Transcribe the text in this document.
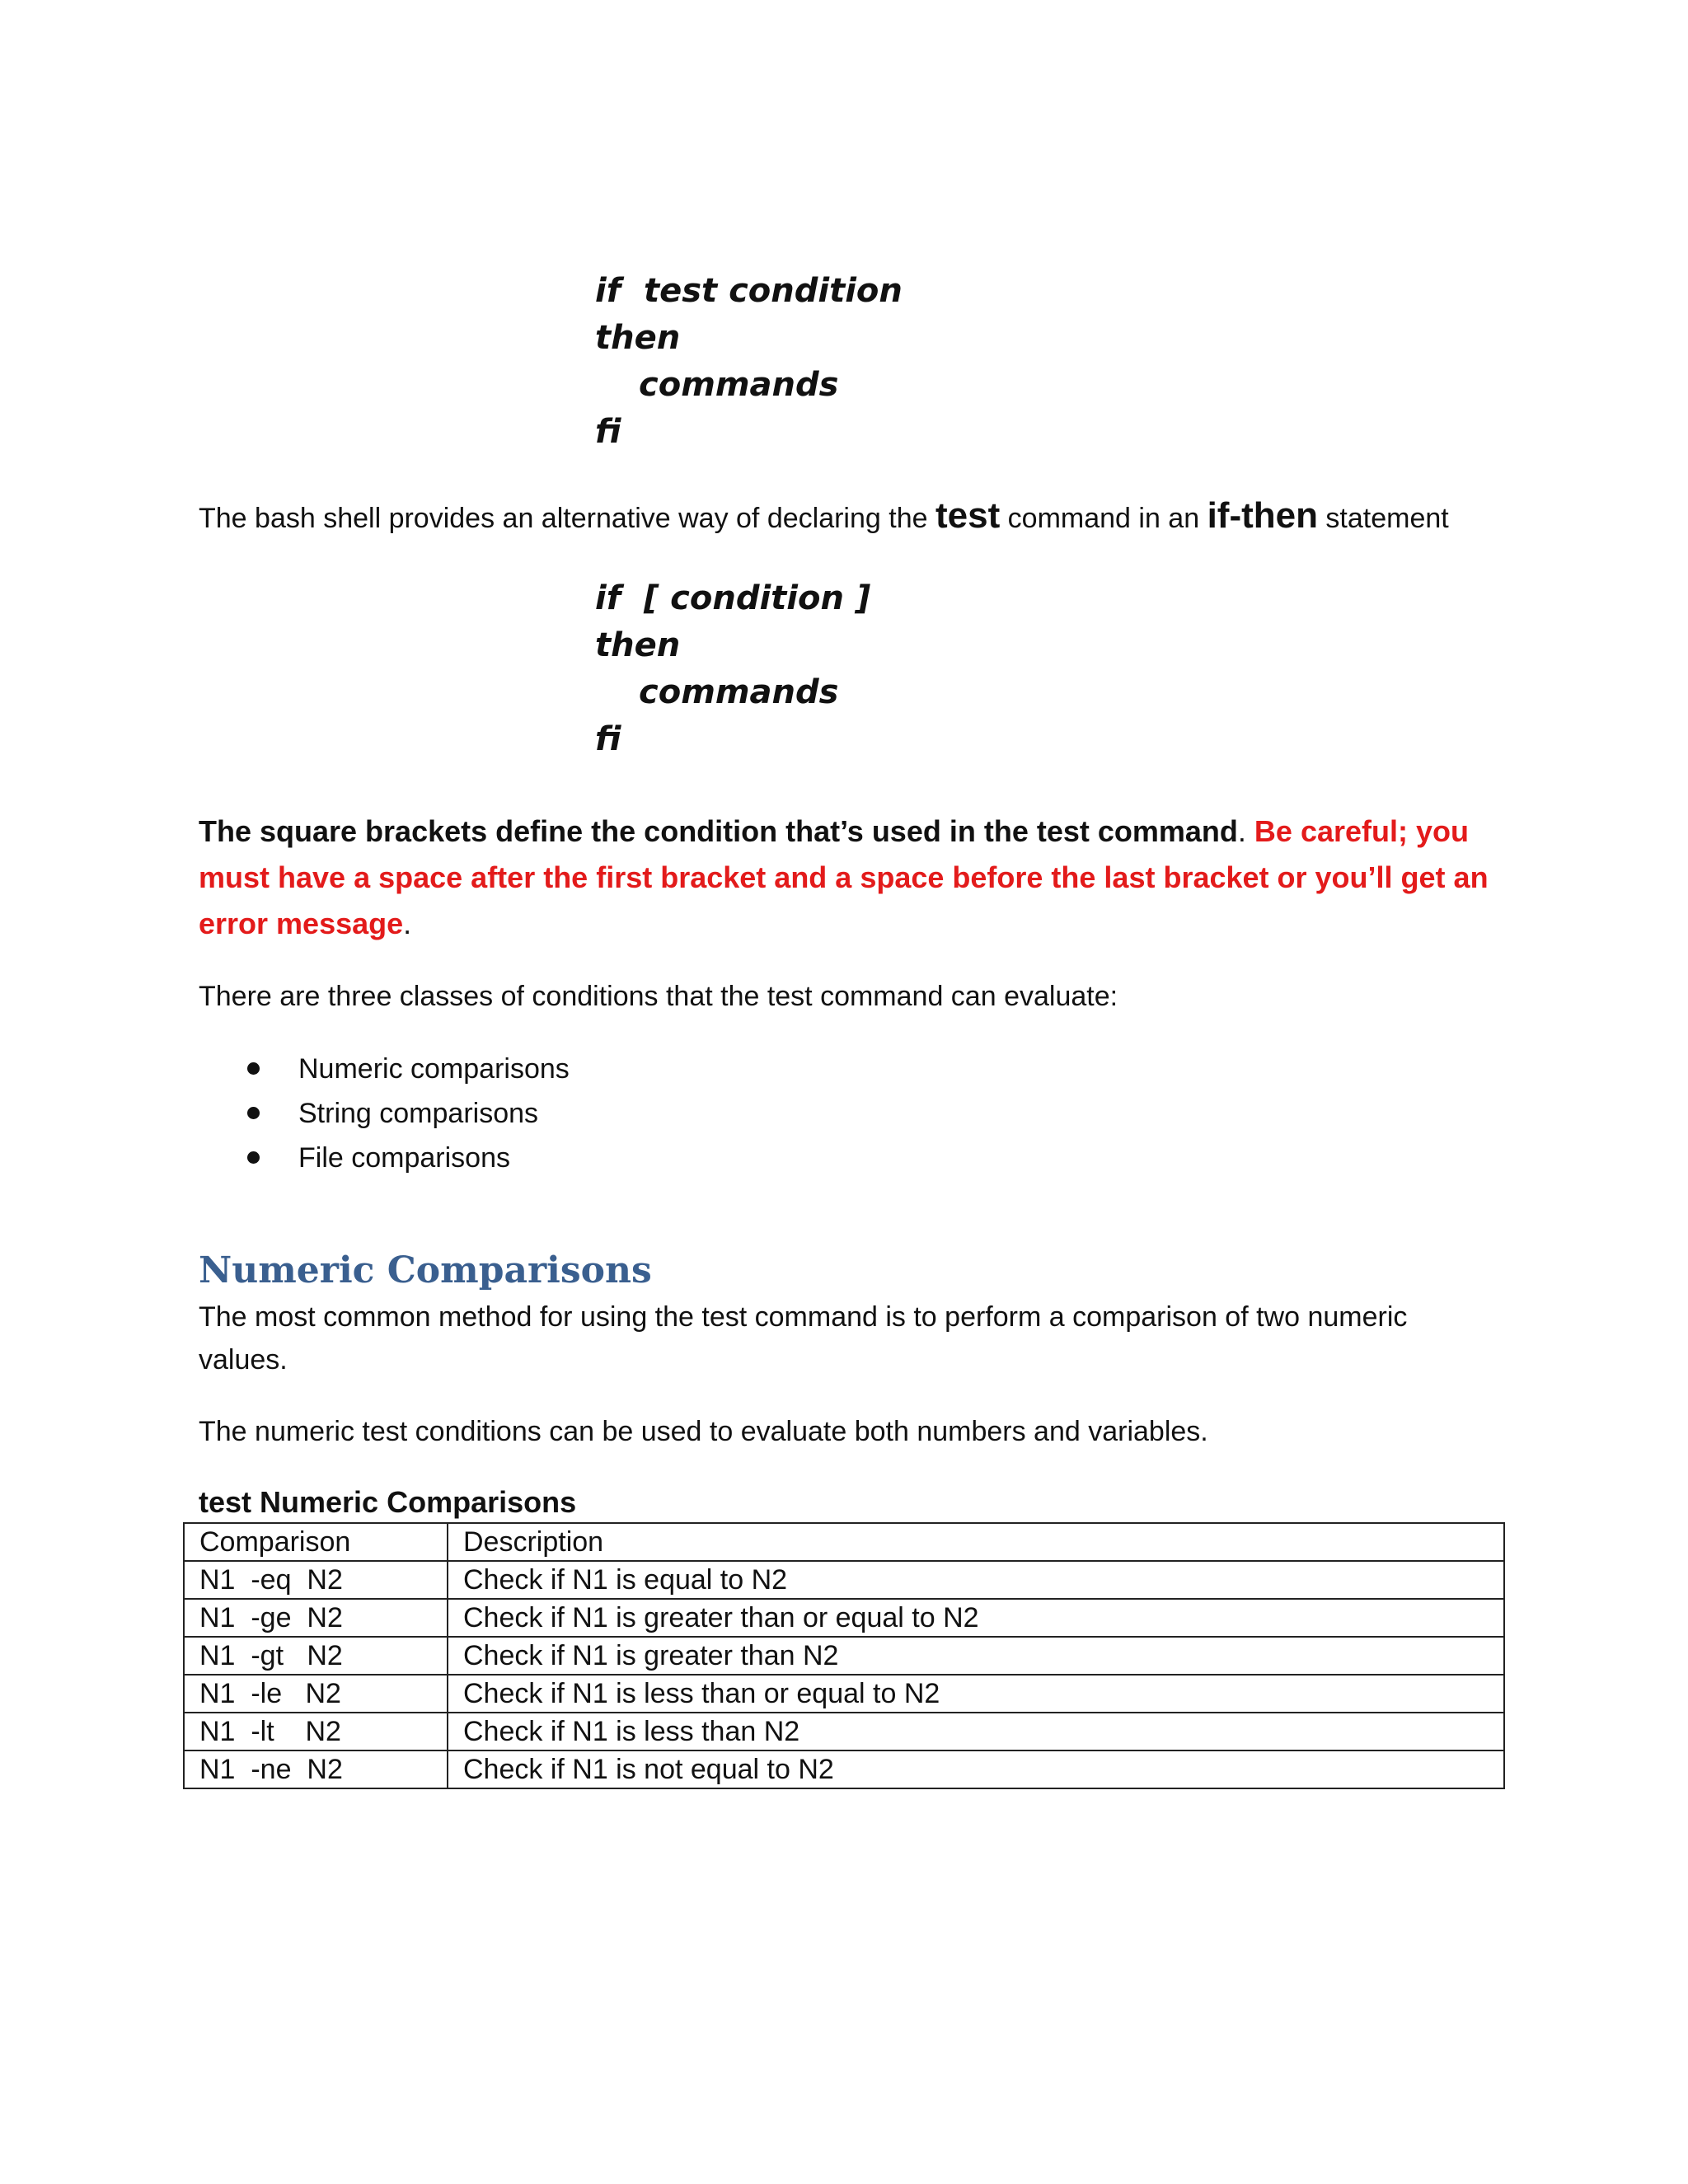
if  test condition
then
commands
fi
The bash shell provides an alternative way of declaring the test command in an if-then statement
if  [ condition ]
then
commands
fi
The square brackets define the condition that’s used in the test command. Be careful; you must have a space after the first bracket and a space before the last bracket or you’ll get an error message.
There are three classes of conditions that the test command can evaluate:
Numeric comparisons
String comparisons
File comparisons
Numeric Comparisons
The most common method for using the test command is to perform a comparison of two numeric values.
The numeric test conditions can be used to evaluate both numbers and variables.
test Numeric Comparisons
Comparison	Description
N1  -eq  N2	Check if N1 is equal to N2
N1  -ge  N2	Check if N1 is greater than or equal to N2
N1  -gt   N2	Check if N1 is greater than N2
N1  -le   N2	Check if N1 is less than or equal to N2
N1  -lt    N2	Check if N1 is less than N2
N1  -ne  N2	Check if N1 is not equal to N2
